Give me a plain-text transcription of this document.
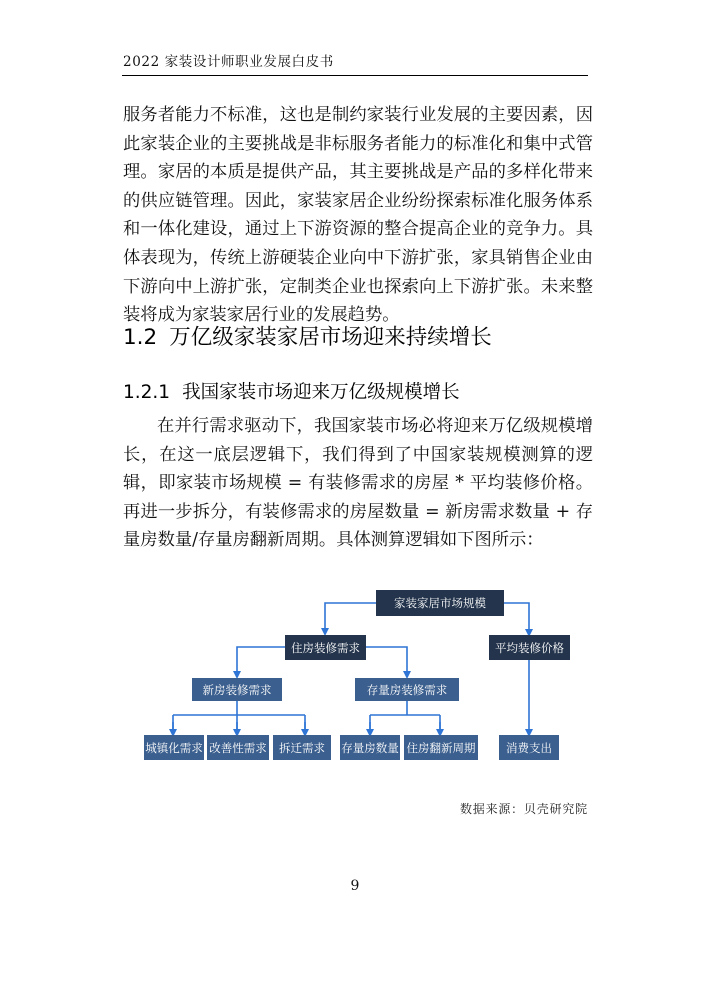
2022 家装设计师职业发展白皮书

服务者能力不标准，这也是制约家装行业发展的主要因素，因此家装企业的主要挑战是非标服务者能力的标准化和集中式管理。家居的本质是提供产品，其主要挑战是产品的多样化带来的供应链管理。因此，家装家居企业纷纷探索标准化服务体系和一体化建设，通过上下游资源的整合提高企业的竞争力。具体表现为，传统上游硬装企业向中下游扩张，家具销售企业由下游向中上游扩张，定制类企业也探索向上下游扩张。未来整装将成为家装家居行业的发展趋势。

1.2 万亿级家装家居市场迎来持续增长
1.2.1 我国家装市场迎来万亿级规模增长

在并行需求驱动下，我国家装市场必将迎来万亿级规模增长，在这一底层逻辑下，我们得到了中国家装规模测算的逻辑，即家装市场规模 = 有装修需求的房屋 * 平均装修价格。再进一步拆分，有装修需求的房屋数量 = 新房需求数量 + 存量房数量/存量房翻新周期。具体测算逻辑如下图所示：

家装家居市场规模
住房装修需求	平均装修价格
新房装修需求	存量房装修需求
城镇化需求 改善性需求 拆迁需求 存量房数量 住房翻新周期	消费支出
数据来源：贝壳研究院
9
